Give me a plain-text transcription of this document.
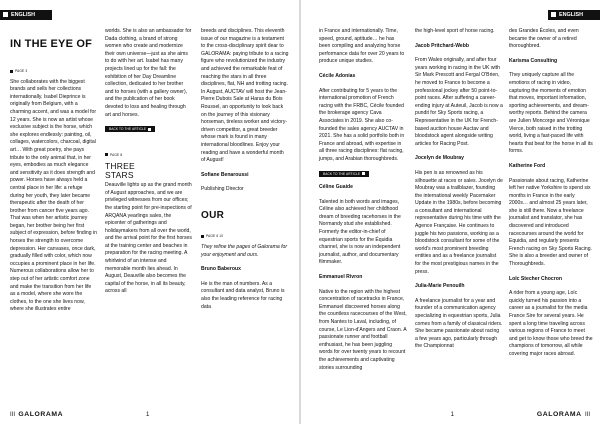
ENGLISH TEXTS
IN THE EYE OF
PAGE 3

She collaborates with the biggest brands and sells her collections internationally. Isabel Dieprince is originally from Belgium, with a charming accent, and was a model for 12 years. She is now an artist whose exclusive subject is the horse, which she explores endlessly: painting, oil, collages, watercolors, charcoal, digital art… With great poetry, she pays tribute to the only animal that, in her eyes, embodies as much elegance and sensitivity as it does strength and power. Horses have always held a central place in her life: a refuge during her youth, they later became therapeutic after the death of her brother from cancer five years ago. That was when her artistic journey began, her brother being her first subject of expression, before finding in horses the strength to overcome depression. Her canvases, once dark, gradually filled with color, which now occupies a prominent place in her life. Numerous collaborations allow her to step out of her artistic comfort zone and make the transition from her life as a model, where she wore the clothes, to the one she lives now, where she illustrates entire

worlds. She is also an ambassador for Dada clothing, a brand of strong women who create and modernize their own universe—just as she aims to do with her art. Isabel has many projects lined up for the fall: the exhibition of her Day Dreamline collection, dedicated to her brother and to horses (with a gallery owner), and the publication of her book devoted to loss and healing through art and horses.

BACK TO THE ARTICLE
PAGE 8
THREE
STARS

Deauville lights up as the grand month of August approaches, and we are privileged witnesses from our offices; the starting point for pre-inspections of ARQANA yearlings sales, the epicenter of gatherings and holidaymakers from all over the world, and the arrival point for the first horses at the training center and beaches in preparation for the racing meeting. A whirlwind of an intense and memorable month lies ahead. In August, Deauville also becomes the capital of the horse, in all its beauty, across all

breeds and disciplines. This eleventh issue of our magazine is a testament to the cross-disciplinary spirit dear to GALORAMA: paying tribute to a racing figure who revolutionized the industry and achieved the remarkable feat of reaching the stars in all three disciplines, flat, NH and trotting racing. In August, AUCTAV will host the Jean-Pierre Dubois Sale at Haras du Bois Roussel, an opportunity to look back on the journey of this visionary horseman, tireless worker and victory-driven competitor, a great breeder whose mark is found in many international bloodlines. Enjoy your reading and have a wonderful month of August!

Sofiane Benaroussi

Publishing Director

OUR
PAGE 6 10

They refine the pages of Galorama for your enjoyment and ours.

Bruno Baberoux

He is the man of numbers. As a consultant and data analyst, Bruno is also the leading reference for racing data

III GALORAMA	1
ENGLISH TEXTS

in France and internationally. Time, speed, ground, aptitude… he has been compiling and analyzing horse performance data for over 20 years to produce unique studies.

Cécile Adonias

After contributing for 5 years to the international promotion of French racing with the FRBC, Cécile founded the brokerage agency Cava Associates in 2019. She also co-founded the sales agency AUCTAV in 2021. She has a solid portfolio both in France and abroad, with expertise in all three racing disciplines: flat racing, jumps, and Arabian thoroughbreds.

BACK TO THE ARTICLE

Céline Guaide

Talented in both words and images, Céline also achieved her childhood dream of breeding racehorses in the Normandy stud she established. Formerly the editor-in-chief of equestrian sports for the Équidia channel, she is now an independent journalist, author, and documentary filmmaker.

Emmanuel Rivron

Native to the region with the highest concentration of racetracks in France, Emmanuel discovered horses along the countless racecourses of the West, from Nantes to Laval, including, of course, Le Lion-d'Angers and Craon. A passionate runner and football enthusiast, he has been juggling words for over twenty years to recount the achievements and captivating stories surrounding

the high-level sport of horse racing.

Jacob Pritchard-Webb

From Wales originally, and after four years working in racing in the UK with Sir Mark Prescott and Fergal O'Brien, he moved to France to become a professional jockey after 50 point-to-point races. After suffering a career-ending injury at Auteuil, Jacob is now a pundit for Sky Sports racing, a Representative in the UK for French-based auction house Auctav and bloodstock agent alongside writing articles for Racing Post.

Jocelyn de Moubray

His pen is as renowned as his silhouette at races or sales. Jocelyn de Moubray was a trailblazer, founding the international weekly Pacemaker Update in the 1980s, before becoming a consultant and international representative during his time with the Agence Française. He continues to juggle his two passions, working as a bloodstock consultant for some of the world's most prominent breeding entities and as a freelance journalist for the most prestigious names in the press.

Julia-Marie Penouilh

A freelance journalist for a year and founder of a communication agency specializing in equestrian sports, Julia comes from a family of classical riders. She became passionate about racing a few years ago, particularly through the Championnat

des Grandes Écoles, and even became the owner of a retired thoroughbred.

Karisma Consulting

They uniquely capture all the emotions of racing in video, capturing the moments of emotion that moves, important information, sporting achievements, and dream-worthy reports. Behind the camera are Julien Moncorge and Véronique Vierce, both raised in the trotting world, living a fast-paced life with hearts that beat for the horse in all its forms.

Katherine Ford

Passionate about racing, Katherine left her native Yorkshire to spend six months in France in the early 2000s… and almost 25 years later, she is still there. Now a freelance journalist and translator, she has discovered and introduced racecourses around the world for Equidia, and regularly presents French racing on Sky Sports Racing. She is also a breeder and owner of Thoroughbreds.

Loïc Stecher Chocron

A rider from a young age, Loïc quickly turned his passion into a career as a journalist for the media France Sire for several years. He spent a long time traveling across various regions of France to meet and get to know those who breed the champions of tomorrow, all while covering major races abroad.

1	GALORAMA III
